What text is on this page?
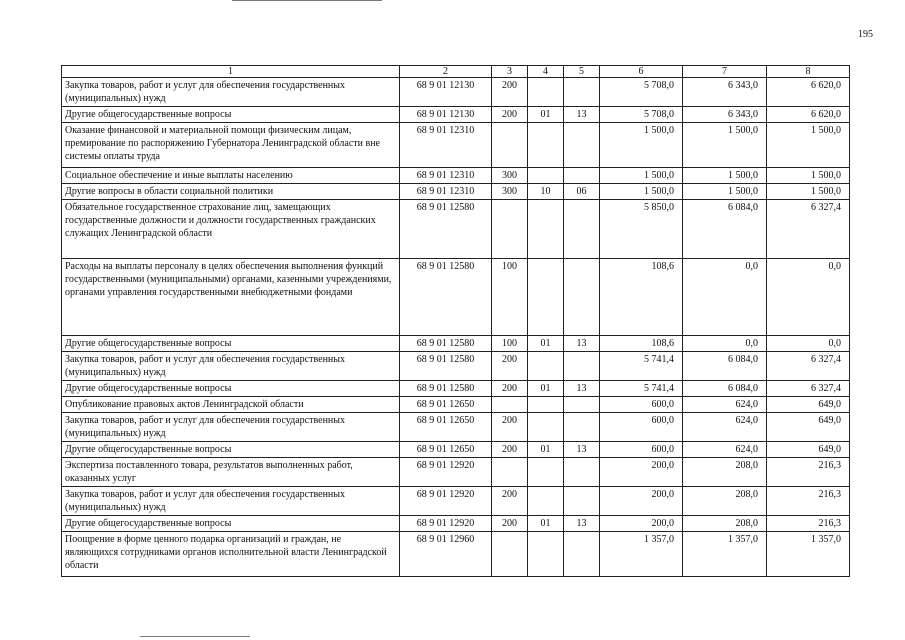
195
1	2	3	4	5	6	7	8
Закупка товаров, работ и услуг для обеспечения государственных (муниципальных) нужд	68 9 01 12130	200			5 708,0	6 343,0	6 620,0
Другие общегосударственные вопросы	68 9 01 12130	200	01	13	5 708,0	6 343,0	6 620,0
Оказание финансовой и материальной помощи физическим лицам, премирование по распоряжению Губернатора Ленинградской области вне системы оплаты труда	68 9 01 12310				1 500,0	1 500,0	1 500,0
Социальное обеспечение и иные выплаты населению	68 9 01 12310	300			1 500,0	1 500,0	1 500,0
Другие вопросы в области социальной политики	68 9 01 12310	300	10	06	1 500,0	1 500,0	1 500,0
Обязательное государственное страхование лиц, замещающих государственные должности и должности государственных гражданских служащих Ленинградской области	68 9 01 12580				5 850,0	6 084,0	6 327,4
Расходы на выплаты персоналу в целях обеспечения выполнения функций государственными (муниципальными) органами, казенными учреждениями, органами управления государственными внебюджетными фондами	68 9 01 12580	100			108,6	0,0	0,0
Другие общегосударственные вопросы	68 9 01 12580	100	01	13	108,6	0,0	0,0
Закупка товаров, работ и услуг для обеспечения государственных (муниципальных) нужд	68 9 01 12580	200			5 741,4	6 084,0	6 327,4
Другие общегосударственные вопросы	68 9 01 12580	200	01	13	5 741,4	6 084,0	6 327,4
Опубликование правовых актов Ленинградской области	68 9 01 12650				600,0	624,0	649,0
Закупка товаров, работ и услуг для обеспечения государственных (муниципальных) нужд	68 9 01 12650	200			600,0	624,0	649,0
Другие общегосударственные вопросы	68 9 01 12650	200	01	13	600,0	624,0	649,0
Экспертиза поставленного товара, результатов выполненных работ, оказанных услуг	68 9 01 12920				200,0	208,0	216,3
Закупка товаров, работ и услуг для обеспечения государственных (муниципальных) нужд	68 9 01 12920	200			200,0	208,0	216,3
Другие общегосударственные вопросы	68 9 01 12920	200	01	13	200,0	208,0	216,3
Поощрение в форме ценного подарка организаций и граждан, не являющихся сотрудниками органов исполнительной власти Ленинградской области	68 9 01 12960				1 357,0	1 357,0	1 357,0
